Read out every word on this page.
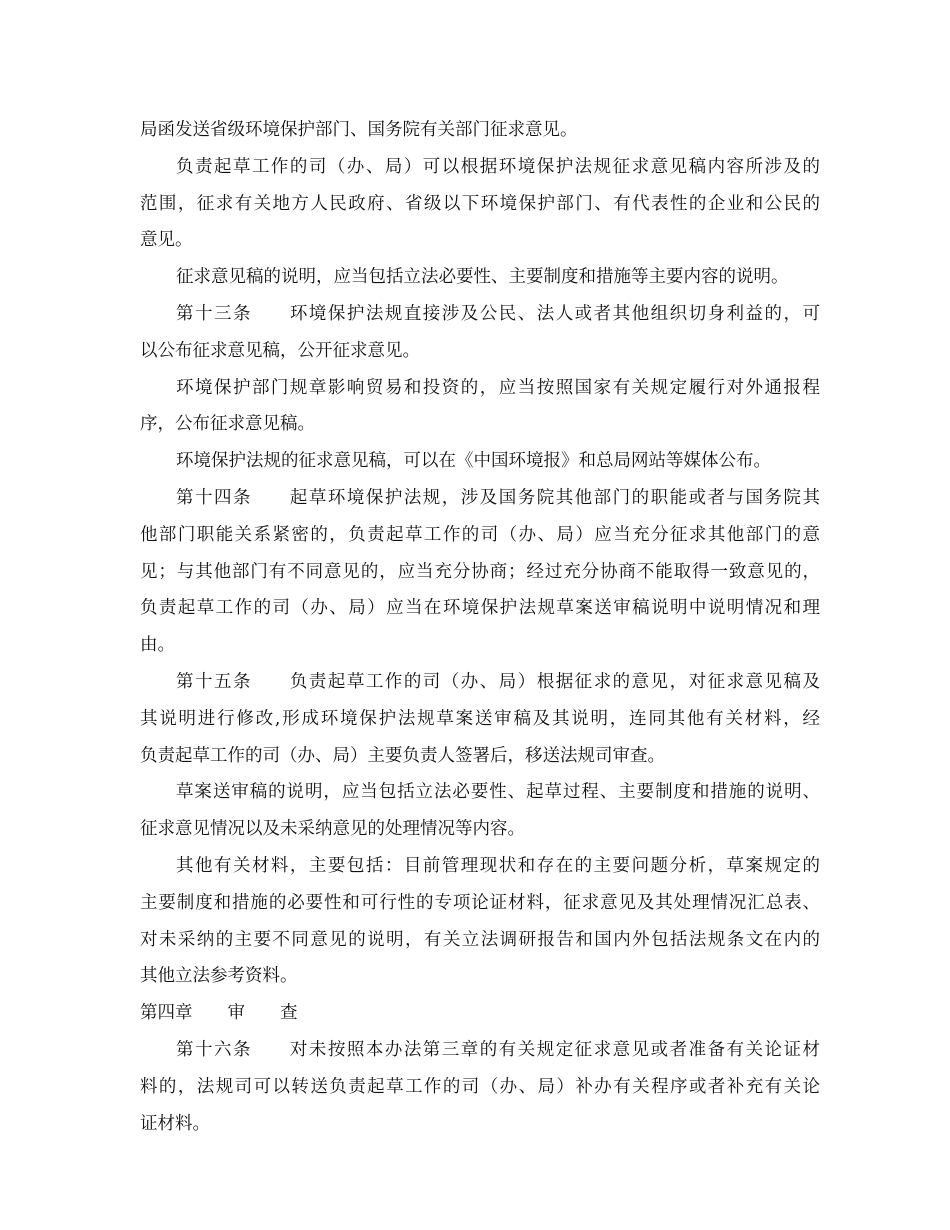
局函发送省级环境保护部门、国务院有关部门征求意见。
负责起草工作的司（办、局）可以根据环境保护法规征求意见稿内容所涉及的
范围，征求有关地方人民政府、省级以下环境保护部门、有代表性的企业和公民的
意见。
征求意见稿的说明，应当包括立法必要性、主要制度和措施等主要内容的说明。
第十三条　　环境保护法规直接涉及公民、法人或者其他组织切身利益的，可
以公布征求意见稿，公开征求意见。
环境保护部门规章影响贸易和投资的，应当按照国家有关规定履行对外通报程
序，公布征求意见稿。
环境保护法规的征求意见稿，可以在《中国环境报》和总局网站等媒体公布。
第十四条　　起草环境保护法规，涉及国务院其他部门的职能或者与国务院其
他部门职能关系紧密的，负责起草工作的司（办、局）应当充分征求其他部门的意
见；与其他部门有不同意见的，应当充分协商；经过充分协商不能取得一致意见的，
负责起草工作的司（办、局）应当在环境保护法规草案送审稿说明中说明情况和理
由。
第十五条　　负责起草工作的司（办、局）根据征求的意见，对征求意见稿及
其说明进行修改,形成环境保护法规草案送审稿及其说明，连同其他有关材料，经
负责起草工作的司（办、局）主要负责人签署后，移送法规司审查。
草案送审稿的说明，应当包括立法必要性、起草过程、主要制度和措施的说明、
征求意见情况以及未采纳意见的处理情况等内容。
其他有关材料，主要包括：目前管理现状和存在的主要问题分析，草案规定的
主要制度和措施的必要性和可行性的专项论证材料，征求意见及其处理情况汇总表、
对未采纳的主要不同意见的说明，有关立法调研报告和国内外包括法规条文在内的
其他立法参考资料。
第四章　　审　　查
第十六条　　对未按照本办法第三章的有关规定征求意见或者准备有关论证材
料的，法规司可以转送负责起草工作的司（办、局）补办有关程序或者补充有关论
证材料。
